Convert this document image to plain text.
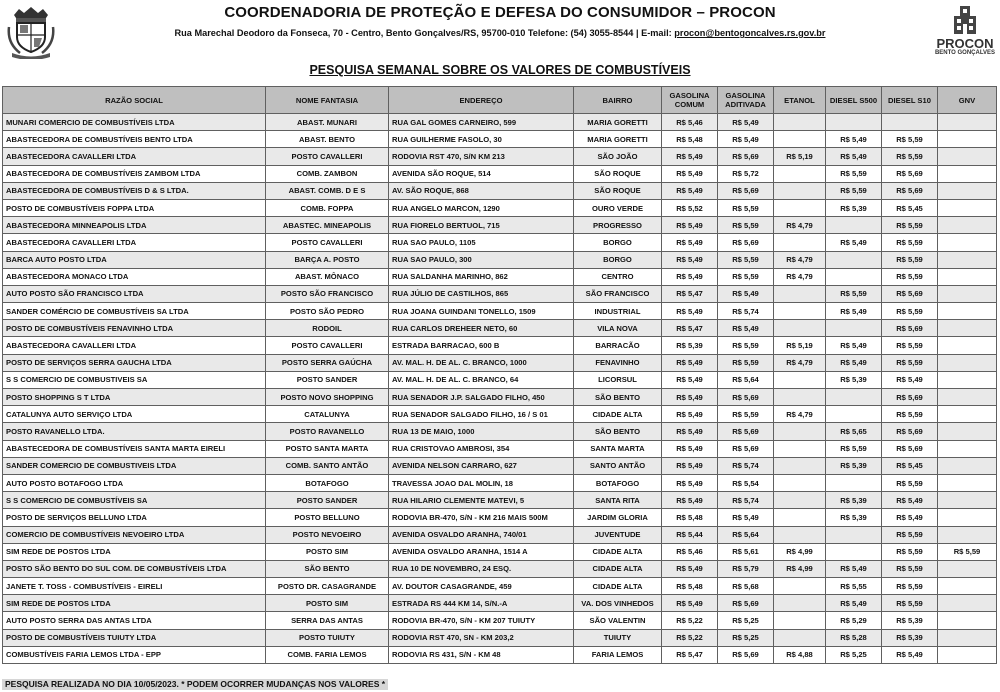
COORDENADORIA DE PROTEÇÃO E DEFESA DO CONSUMIDOR – PROCON
Rua Marechal Deodoro da Fonseca, 70 - Centro, Bento Gonçalves/RS, 95700-010 Telefone: (54) 3055-8544 | E-mail: procon@bentogoncalves.rs.gov.br
PROCON
BENTO GONÇALVES
PESQUISA SEMANAL SOBRE OS VALORES DE COMBUSTÍVEIS
RAZÃO SOCIAL	NOME FANTASIA	ENDEREÇO	BAIRRO	GASOLINA COMUM	GASOLINA ADITIVADA	ETANOL	DIESEL S500	DIESEL S10	GNV
MUNARI COMERCIO DE COMBUSTÍVEIS LTDA	ABAST. MUNARI	RUA GAL GOMES CARNEIRO, 599	MARIA GORETTI	R$ 5,46	R$ 5,49				
ABASTECEDORA DE COMBUSTÍVEIS BENTO LTDA	ABAST. BENTO	RUA GUILHERME FASOLO, 30	MARIA GORETTI	R$ 5,48	R$ 5,49		R$ 5,49	R$ 5,59	
ABASTECEDORA CAVALLERI LTDA	POSTO CAVALLERI	RODOVIA RST 470, S/N KM 213	SÃO JOÃO	R$ 5,49	R$ 5,69	R$ 5,19	R$ 5,49	R$ 5,59	
ABASTECEDORA DE COMBUSTÍVEIS ZAMBOM LTDA	COMB. ZAMBON	AVENIDA SÃO ROQUE, 514	SÃO ROQUE	R$ 5,49	R$ 5,72		R$ 5,59	R$ 5,69	
ABASTECEDORA DE COMBUSTÍVEIS D & S LTDA.	ABAST. COMB. D E S	AV. SÃO ROQUE, 868	SÃO ROQUE	R$ 5,49	R$ 5,69		R$ 5,59	R$ 5,69	
POSTO DE COMBUSTÍVEIS FOPPA LTDA	COMB. FOPPA	RUA ANGELO MARCON, 1290	OURO VERDE	R$ 5,52	R$ 5,59		R$ 5,39	R$ 5,45	
ABASTECEDORA MINNEAPOLIS LTDA	ABASTEC. MINEAPOLIS	RUA FIORELO BERTUOL, 715	PROGRESSO	R$ 5,49	R$ 5,59	R$ 4,79		R$ 5,59	
ABASTECEDORA CAVALLERI LTDA	POSTO CAVALLERI	RUA SAO PAULO, 1105	BORGO	R$ 5,49	R$ 5,69		R$ 5,49	R$ 5,59	
BARCA AUTO POSTO LTDA	BARÇA A. POSTO	RUA SAO PAULO, 300	BORGO	R$ 5,49	R$ 5,59	R$ 4,79		R$ 5,59	
ABASTECEDORA MONACO LTDA	ABAST. MÔNACO	RUA SALDANHA MARINHO, 862	CENTRO	R$ 5,49	R$ 5,59	R$ 4,79		R$ 5,59	
AUTO POSTO SÃO FRANCISCO LTDA	POSTO SÃO FRANCISCO	RUA JÚLIO DE CASTILHOS, 865	SÃO FRANCISCO	R$ 5,47	R$ 5,49		R$ 5,59	R$ 5,69	
SANDER COMÉRCIO DE COMBUSTÍVEIS SA LTDA	POSTO SÃO PEDRO	RUA JOANA GUINDANI TONELLO, 1509	INDUSTRIAL	R$ 5,49	R$ 5,74		R$ 5,49	R$ 5,59	
POSTO DE COMBUSTÍVEIS FENAVINHO LTDA	RODOIL	RUA CARLOS DREHEER NETO, 60	VILA NOVA	R$ 5,47	R$ 5,49			R$ 5,69	
ABASTECEDORA CAVALLERI LTDA	POSTO CAVALLERI	ESTRADA BARRACAO, 600 B	BARRACÃO	R$ 5,39	R$ 5,59	R$ 5,19	R$ 5,49	R$ 5,59	
POSTO DE SERVIÇOS SERRA GAUCHA LTDA	POSTO SERRA GAÚCHA	AV. MAL. H. DE AL. C. BRANCO, 1000	FENAVINHO	R$ 5,49	R$ 5,59	R$ 4,79	R$ 5,49	R$ 5,59	
S S COMERCIO DE COMBUSTIVEIS SA	POSTO SANDER	AV. MAL. H. DE AL. C. BRANCO, 64	LICORSUL	R$ 5,49	R$ 5,64		R$ 5,39	R$ 5,49	
POSTO SHOPPING S T LTDA	POSTO NOVO SHOPPING	RUA SENADOR J.P. SALGADO FILHO, 450	SÃO BENTO	R$ 5,49	R$ 5,69			R$ 5,69	
CATALUNYA AUTO SERVIÇO LTDA	CATALUNYA	RUA SENADOR SALGADO FILHO, 16 / S 01	CIDADE ALTA	R$ 5,49	R$ 5,59	R$ 4,79		R$ 5,59	
POSTO RAVANELLO LTDA.	POSTO RAVANELLO	RUA 13 DE MAIO, 1000	SÃO BENTO	R$ 5,49	R$ 5,69		R$ 5,65	R$ 5,69	
ABASTECEDORA DE COMBUSTÍVEIS SANTA MARTA EIRELI	POSTO SANTA MARTA	RUA CRISTOVAO AMBROSI, 354	SANTA MARTA	R$ 5,49	R$ 5,69		R$ 5,59	R$ 5,69	
SANDER COMERCIO DE COMBUSTIVEIS LTDA	COMB. SANTO ANTÃO	AVENIDA NELSON CARRARO, 627	SANTO ANTÃO	R$ 5,49	R$ 5,74		R$ 5,39	R$ 5,45	
AUTO POSTO BOTAFOGO LTDA	BOTAFOGO	TRAVESSA JOAO DAL MOLIN, 18	BOTAFOGO	R$ 5,49	R$ 5,54			R$ 5,59	
S S COMERCIO DE COMBUSTÍVEIS SA	POSTO SANDER	RUA HILARIO CLEMENTE MATEVI, 5	SANTA RITA	R$ 5,49	R$ 5,74		R$ 5,39	R$ 5,49	
POSTO DE SERVIÇOS BELLUNO LTDA	POSTO BELLUNO	RODOVIA BR-470, S/N - KM 216 MAIS 500M	JARDIM GLORIA	R$ 5,48	R$ 5,49		R$ 5,39	R$ 5,49	
COMERCIO DE COMBUSTÍVEIS NEVOEIRO LTDA	POSTO NEVOEIRO	AVENIDA OSVALDO ARANHA, 740/01	JUVENTUDE	R$ 5,44	R$ 5,64			R$ 5,59	
SIM REDE DE POSTOS LTDA	POSTO SIM	AVENIDA OSVALDO ARANHA, 1514 A	CIDADE ALTA	R$ 5,46	R$ 5,61	R$ 4,99		R$ 5,59	R$ 5,59
POSTO SÃO BENTO DO SUL COM. DE COMBUSTÍVEIS LTDA	SÃO BENTO	RUA 10 DE NOVEMBRO, 24 ESQ.	CIDADE ALTA	R$ 5,49	R$ 5,79	R$ 4,99	R$ 5,49	R$ 5,59	
JANETE T. TOSS - COMBUSTÍVEIS - EIRELI	POSTO DR. CASAGRANDE	AV. DOUTOR CASAGRANDE, 459	CIDADE ALTA	R$ 5,48	R$ 5,68		R$ 5,55	R$ 5,59	
SIM REDE DE POSTOS LTDA	POSTO SIM	ESTRADA RS 444 KM 14, S/N.-A	VA. DOS VINHEDOS	R$ 5,49	R$ 5,69		R$ 5,49	R$ 5,59	
AUTO POSTO SERRA DAS ANTAS LTDA	SERRA DAS ANTAS	RODOVIA BR-470, S/N - KM 207 TUIUTY	SÃO VALENTIN	R$ 5,22	R$ 5,25		R$ 5,29	R$ 5,39	
POSTO DE COMBUSTÍVEIS TUIUTY LTDA	POSTO TUIUTY	RODOVIA RST 470, SN - KM 203,2	TUIUTY	R$ 5,22	R$ 5,25		R$ 5,28	R$ 5,39	
COMBUSTÍVEIS FARIA LEMOS LTDA - EPP	COMB. FARIA LEMOS	RODOVIA RS 431, S/N - KM 48	FARIA LEMOS	R$ 5,47	R$ 5,69	R$ 4,88	R$ 5,25	R$ 5,49	
PESQUISA REALIZADA NO DIA 10/05/2023. * PODEM OCORRER MUDANÇAS NOS VALORES *
